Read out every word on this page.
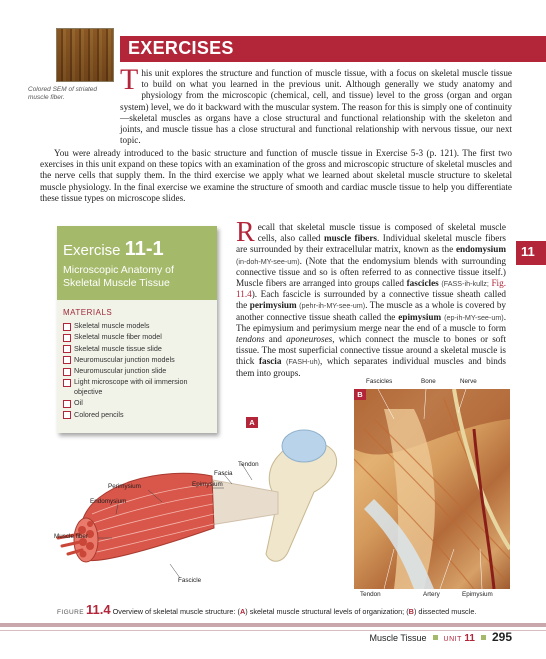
Colored SEM of striated muscle fiber.
EXERCISES
This unit explores the structure and function of muscle tissue, with a focus on skeletal muscle tissue to build on what you learned in the previous unit. Although generally we study anatomy and physiology from the microscopic (chemical, cell, and tissue) level to the gross (organ and organ system) level, we do it backward with the muscular system. The reason for this is simply one of continuity—skeletal muscles as organs have a close structural and functional relationship with the skeleton and joints, and muscle tissue has a close structural and functional relationship with nervous tissue, our next topic.
You were already introduced to the basic structure and function of muscle tissue in Exercise 5-3 (p. 121). The first two exercises in this unit expand on these topics with an examination of the gross and microscopic structure of skeletal muscles and the nerve cells that supply them. In the third exercise we apply what we learned about skeletal muscle structure to skeletal muscle physiology. In the final exercise we examine the structure of smooth and cardiac muscle tissue to help you differentiate these tissue types on microscope slides.
Exercise 11-1
Microscopic Anatomy of Skeletal Muscle Tissue
MATERIALS
Skeletal muscle models
Skeletal muscle fiber model
Skeletal muscle tissue slide
Neuromuscular junction models
Neuromuscular junction slide
Light microscope with oil immersion objective
Oil
Colored pencils
Recall that skeletal muscle tissue is composed of skeletal muscle cells, also called muscle fibers. Individual skeletal muscle fibers are surrounded by their extracellular matrix, known as the endomysium (in-doh-MY-see-um). (Note that the endomysium blends with surrounding connective tissue and so is often referred to as connective tissue itself.) Muscle fibers are arranged into groups called fascicles (FASS-ih-kullz; Fig. 11.4). Each fascicle is surrounded by a connective tissue sheath called the perimysium (pehr-ih-MY-see-um). The muscle as a whole is covered by another connective tissue sheath called the epimysium (ep-ih-MY-see-um). The epimysium and perimysium merge near the end of a muscle to form tendons and aponeuroses, which connect the muscle to bones or soft tissue. The most superficial connective tissue around a skeletal muscle is thick fascia (FASH-uh), which separates individual muscles and binds them into groups.
11
Tendon
Fascia
Epimysium
Perimysium
Endomysium
Muscle fiber
Fascicle
A
Fascicles	Bone	Nerve
B
Tendon	Artery	Epimysium
FIGURE 11.4 Overview of skeletal muscle structure: (A) skeletal muscle structural levels of organization; (B) dissected muscle.
Muscle Tissue UNIT 11 295
